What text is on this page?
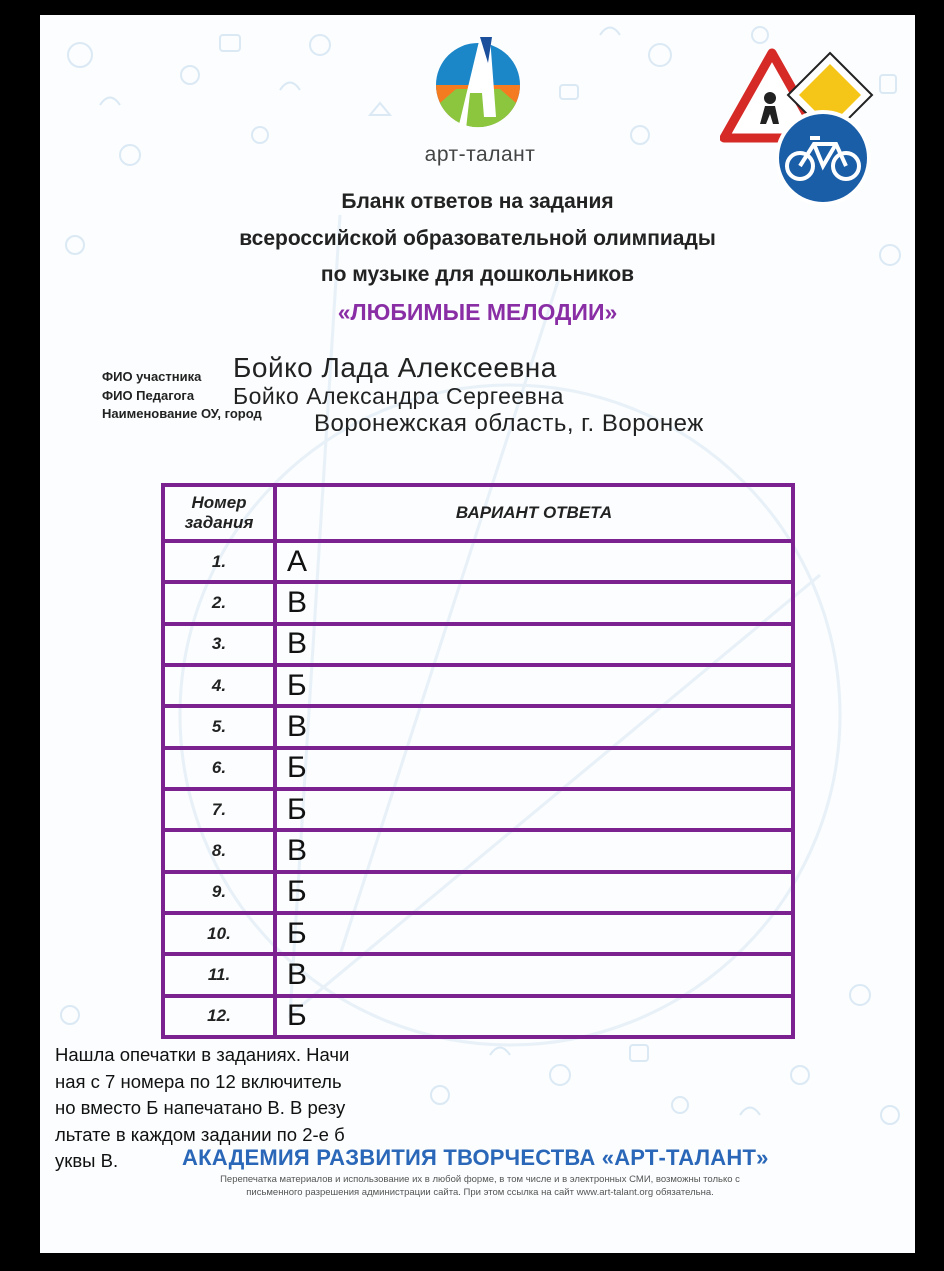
арт-талант
Бланк ответов на задания
всероссийской образовательной олимпиады
по музыке для дошкольников
«ЛЮБИМЫЕ МЕЛОДИИ»
ФИО участника Бойко Лада Алексеевна
ФИО Педагога Бойко Александра Сергеевна
Наименование ОУ, город Воронежская область, г. Воронеж
Номер
задания	ВАРИАНТ ОТВЕТА
1.	А
2.	В
3.	В
4.	Б
5.	В
6.	Б
7.	Б
8.	В
9.	Б
10.	Б
11.	В
12.	Б
Нашла опечатки в заданиях. Начи
ная с 7 номера по 12 включитель
но вместо Б напечатано В. В резу
льтате в каждом задании по 2-е б
уквы В.	АКАДЕМИЯ РАЗВИТИЯ ТВОРЧЕСТВА «АРТ-ТАЛАНТ»
Перепечатка материалов и использование их в любой форме, в том числе и в электронных СМИ, возможны только с
письменного разрешения администрации сайта. При этом ссылка на сайт www.art-talant.org обязательна.
